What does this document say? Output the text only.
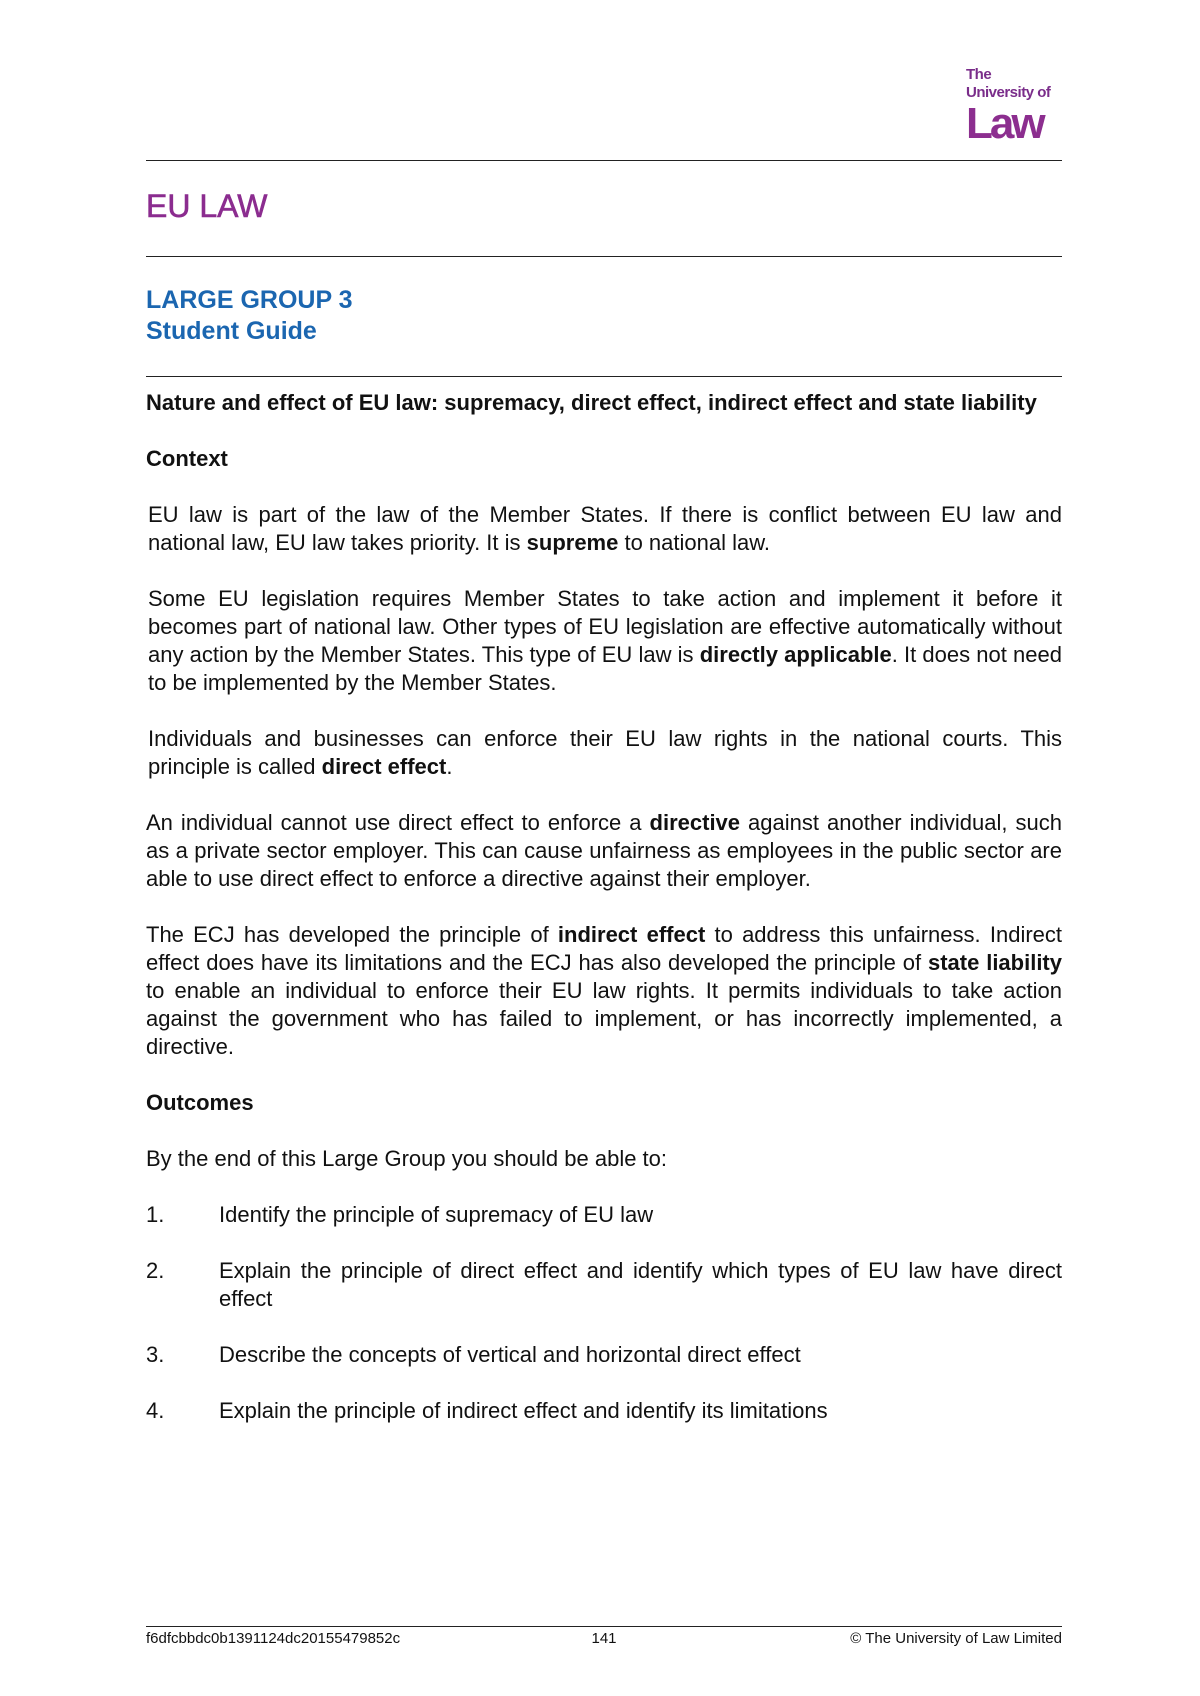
The
University of
Law
EU LAW
LARGE GROUP 3
Student Guide

Nature and effect of EU law: supremacy, direct effect, indirect effect and state liability

Context

EU law is part of the law of the Member States. If there is conflict between EU law and national law, EU law takes priority. It is supreme to national law.

Some EU legislation requires Member States to take action and implement it before it becomes part of national law. Other types of EU legislation are effective automatically without any action by the Member States. This type of EU law is directly applicable. It does not need to be implemented by the Member States.

Individuals and businesses can enforce their EU law rights in the national courts. This principle is called direct effect.

An individual cannot use direct effect to enforce a directive against another individual, such as a private sector employer. This can cause unfairness as employees in the public sector are able to use direct effect to enforce a directive against their employer.

The ECJ has developed the principle of indirect effect to address this unfairness. Indirect effect does have its limitations and the ECJ has also developed the principle of state liability to enable an individual to enforce their EU law rights. It permits individuals to take action against the government who has failed to implement, or has incorrectly implemented, a directive.

Outcomes

By the end of this Large Group you should be able to:

1.	Identify the principle of supremacy of EU law
2.	Explain the principle of direct effect and identify which types of EU law have direct effect
3.	Describe the concepts of vertical and horizontal direct effect
4.	Explain the principle of indirect effect and identify its limitations
f6dfcbbdc0b1391124dc20155479852c	141	© The University of Law Limited
